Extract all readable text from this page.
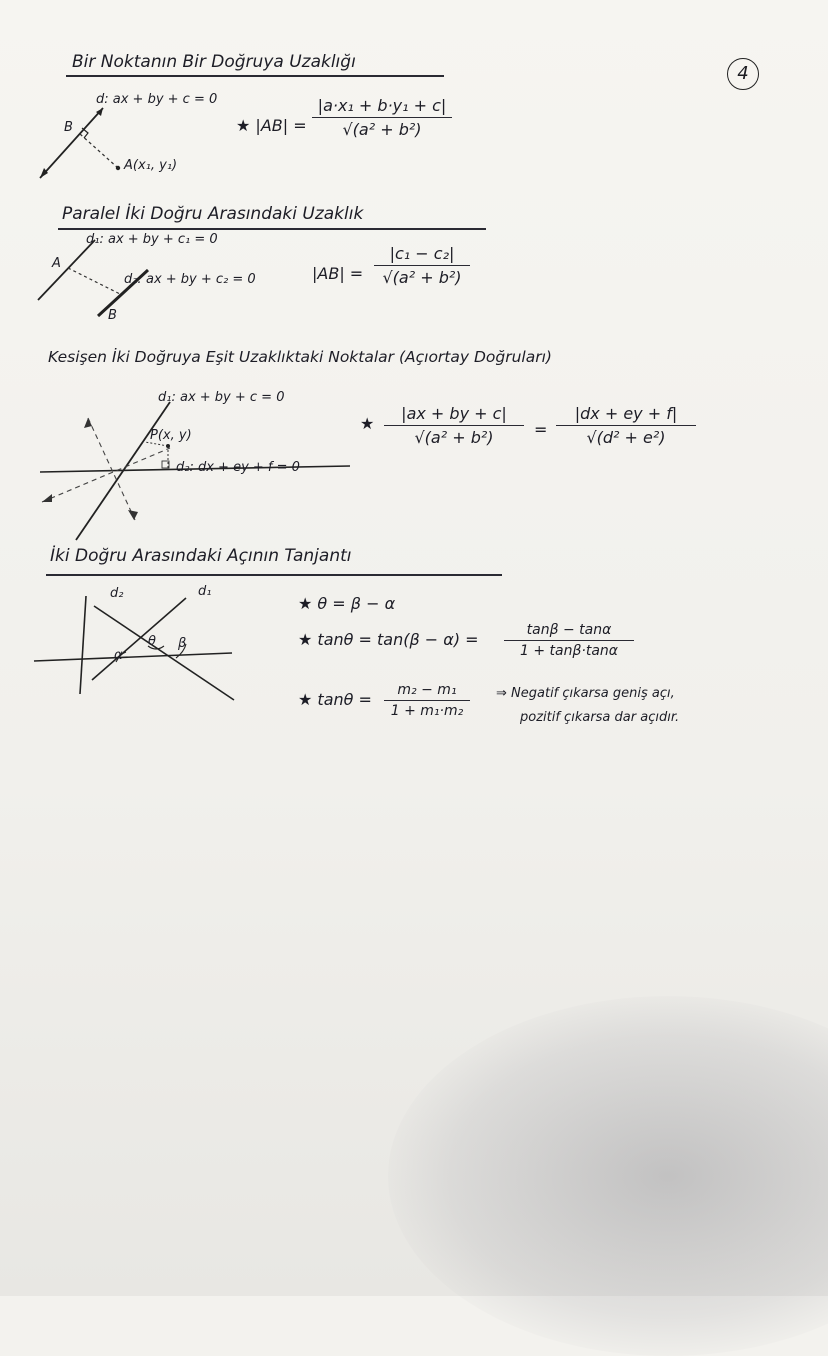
4
Bir Noktanın Bir Doğruya Uzaklığı
d: ax + by + c = 0
B
A(x₁, y₁)
★ $|AB| = \frac{\text{|a·x₁ + b·y₁ + c|}}{\text{√(a² + b²)}}$
Paralel İki Doğru Arasındaki Uzaklık
d₁: ax + by + c₁ = 0
d₂: ax + by + c₂ = 0
A
B
$|AB| = \frac{\text{|c₁ − c₂|}}{\text{√(a² + b²)}}$
Kesişen İki Doğruya Eşit Uzaklıktaki Noktalar (Açıortay Doğruları)
d₁: ax + by + c = 0
d₂: dx + ey + f = 0
P(x, y)
★ $\frac{|ax + by + c|}{\text{√(a² + b²)}} = \frac{|dx + ey + f|}{\text{√(d² + e²)}}$
İki Doğru Arasındaki Açının Tanjantı
d₂	d₁
θ
α
β
★ θ = β − α
★ $\tan\theta = \tan(\beta - \alpha) = \frac{\tan\beta - \tan\alpha}{1 + \tan\beta\cdot\tan\alpha}$
★ $\tan\theta = \frac{\text{m₂ − m₁}}{\text{1 + m₁·m₂}}$ ⇒ Negatif çıkarsa geniş açı,
pozitif çıkarsa dar açıdır.
